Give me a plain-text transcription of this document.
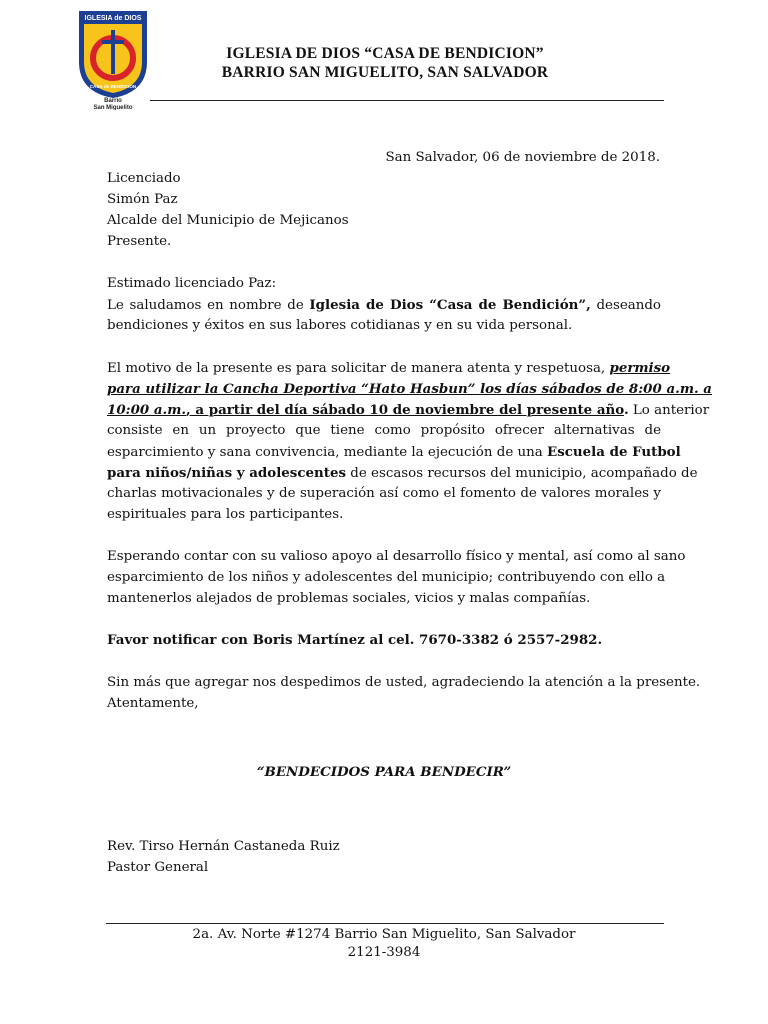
IGLESIA de DIOS
CASA de BENDICION
Barrio
San Miguelito
IGLESIA DE DIOS “CASA DE BENDICION”
BARRIO SAN MIGUELITO, SAN SALVADOR
San Salvador, 06 de noviembre de 2018.
Licenciado
Simón Paz
Alcalde del Municipio de Mejicanos
Presente.
Estimado licenciado Paz:
Le saludamos en nombre de Iglesia de Dios “Casa de Bendición”, deseando
bendiciones y éxitos en sus labores cotidianas y en su vida personal.
El motivo de la presente es para solicitar de manera atenta y respetuosa, permiso
para utilizar la Cancha Deportiva “Hato Hasbun” los días sábados de 8:00 a.m. a
10:00 a.m., a partir del día sábado 10 de noviembre del presente año. Lo anterior
consiste en un proyecto que tiene como propósito ofrecer alternativas de
esparcimiento y sana convivencia, mediante la ejecución de una Escuela de Futbol
para niños/niñas y adolescentes de escasos recursos del municipio, acompañado de
charlas motivacionales y de superación así como el fomento de valores morales y
espirituales para los participantes.
Esperando contar con su valioso apoyo al desarrollo físico y mental, así como al sano
esparcimiento de los niños y adolescentes del municipio; contribuyendo con ello a
mantenerlos alejados de problemas sociales, vicios y malas compañías.
Favor notificar con Boris Martínez al cel. 7670-3382 ó 2557-2982.
Sin más que agregar nos despedimos de usted, agradeciendo la atención a la presente.
Atentamente,
“BENDECIDOS PARA BENDECIR”
Rev. Tirso Hernán Castaneda Ruiz
Pastor General
2a. Av. Norte #1274 Barrio San Miguelito, San Salvador
2121-3984
